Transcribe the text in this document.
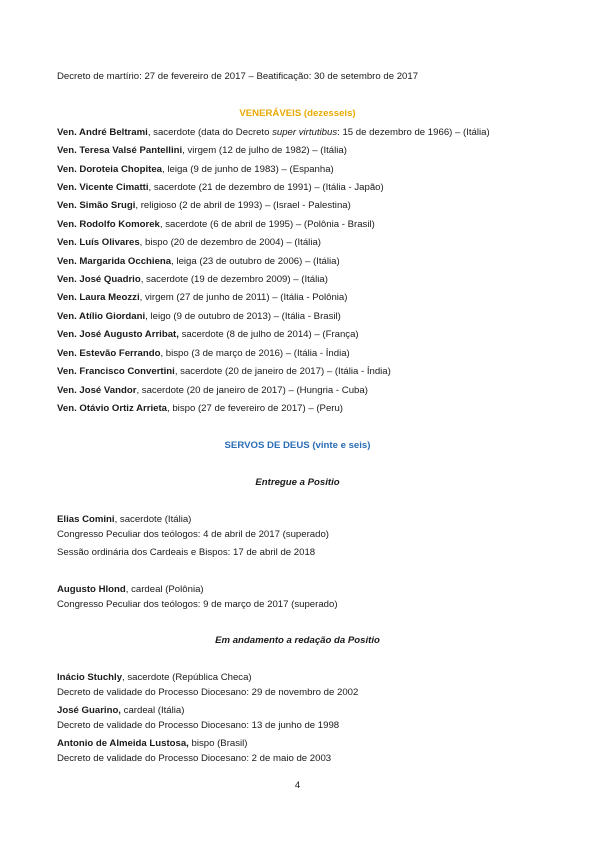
Decreto de martírio: 27 de fevereiro de 2017 – Beatificação: 30 de setembro de 2017
VENERÁVEIS (dezesseis)
Ven. André Beltrami, sacerdote (data do Decreto super virtutibus: 15 de dezembro de 1966) – (Itália)
Ven. Teresa Valsé Pantellini, virgem (12 de julho de 1982) – (Itália)
Ven. Doroteia Chopitea, leiga (9 de junho de 1983) – (Espanha)
Ven. Vicente Cimatti, sacerdote (21 de dezembro de 1991) – (Itália - Japão)
Ven. Simão Srugi, religioso (2 de abril de 1993) – (Israel - Palestina)
Ven. Rodolfo Komorek, sacerdote (6 de abril de 1995) – (Polônia - Brasil)
Ven. Luís Olivares, bispo (20 de dezembro de 2004) – (Itália)
Ven. Margarida Occhiena, leiga (23 de outubro de 2006) – (Itália)
Ven. José Quadrio, sacerdote (19 de dezembro 2009) – (Itália)
Ven. Laura Meozzi, virgem (27 de junho de 2011) – (Itália - Polônia)
Ven. Atílio Giordani, leigo (9 de outubro de 2013) – (Itália - Brasil)
Ven. José Augusto Arribat, sacerdote (8 de julho de 2014) – (França)
Ven. Estevão Ferrando, bispo (3 de março de 2016) – (Itália - Índia)
Ven. Francisco Convertini, sacerdote (20 de janeiro de 2017) – (Itália - Índia)
Ven. José Vandor, sacerdote (20 de janeiro de 2017) – (Hungria - Cuba)
Ven. Otávio Ortiz Arrieta, bispo (27 de fevereiro de 2017) – (Peru)
SERVOS DE DEUS (vinte e seis)
Entregue a Positio
Elias Comini, sacerdote (Itália)
Congresso Peculiar dos teólogos: 4 de abril de 2017 (superado)
Sessão ordinária dos Cardeais e Bispos: 17 de abril de 2018
Augusto Hlond, cardeal (Polônia)
Congresso Peculiar dos teólogos: 9 de março de 2017 (superado)
Em andamento a redação da Positio
Inácio Stuchly, sacerdote (República Checa)
Decreto de validade do Processo Diocesano: 29 de novembro de 2002
José Guarino, cardeal (Itália)
Decreto de validade do Processo Diocesano: 13 de junho de 1998
Antonio de Almeida Lustosa, bispo (Brasil)
Decreto de validade do Processo Diocesano: 2 de maio de 2003
4
